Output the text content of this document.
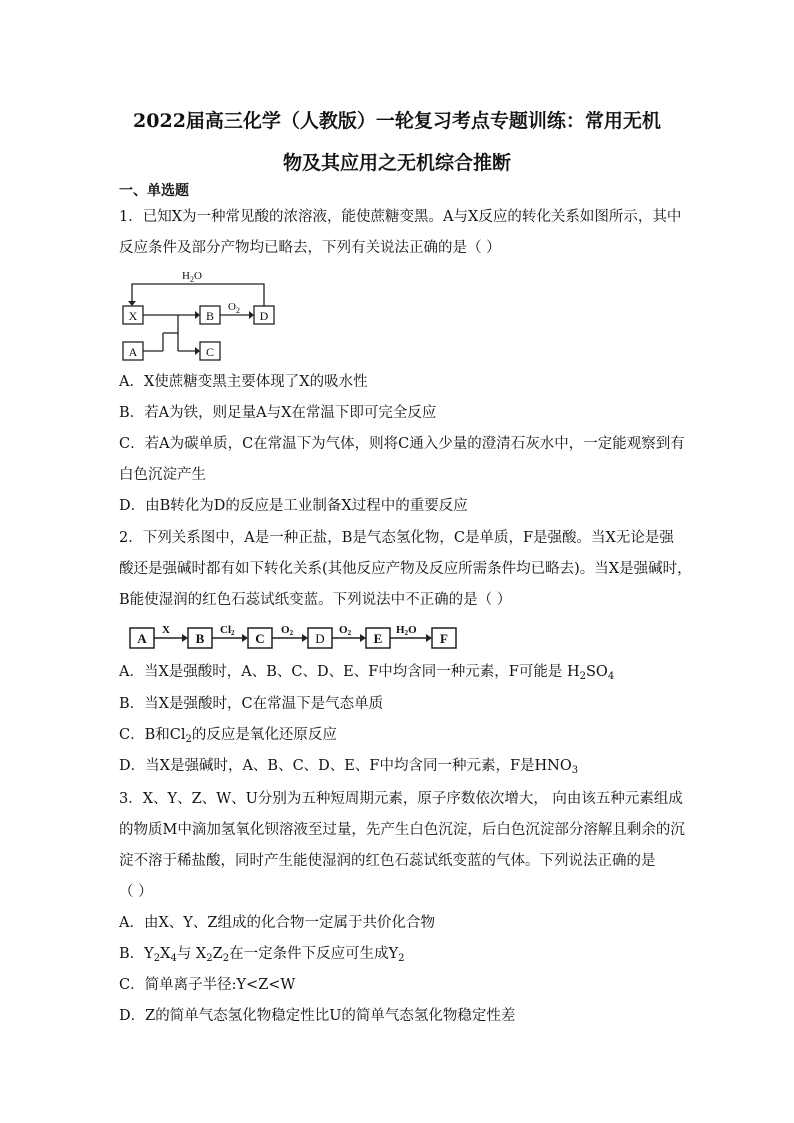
2022届高三化学（人教版）一轮复习考点专题训练：常用无机
物及其应用之无机综合推断
一、单选题
1．已知X为一种常见酸的浓溶液，能使蔗糖变黑。A与X反应的转化关系如图所示，其中
反应条件及部分产物均已略去，下列有关说法正确的是（ ）
X
A
B
C
D
$H_2O$
$O_2$
A．X使蔗糖变黑主要体现了X的吸水性
B．若A为铁，则足量A与X在常温下即可完全反应
C．若A为碳单质，C在常温下为气体，则将C通入少量的澄清石灰水中，一定能观察到有
白色沉淀产生
D．由B转化为D的反应是工业制备X过程中的重要反应
2．下列关系图中，A是一种正盐，B是气态氢化物，C是单质，F是强酸。当X无论是强
酸还是强碱时都有如下转化关系(其他反应产物及反应所需条件均已略去)。当X是强碱时，
B能使湿润的红色石蕊试纸变蓝。下列说法中不正确的是（ ）
A	B	C	D	E	F
X	Cl2	O2	O2	H2O
A．当X是强酸时，A、B、C、D、E、F中均含同一种元素，F可能是 $H_2SO_4$
B．当X是强酸时，C在常温下是气态单质
C．B和$Cl_2$的反应是氧化还原反应
D．当X是强碱时，A、B、C、D、E、F中均含同一种元素，F是$HNO_3$
3．X、Y、Z、W、U分别为五种短周期元素，原子序数依次增大， 向由该五种元素组成
的物质M中滴加氢氧化钡溶液至过量，先产生白色沉淀，后白色沉淀部分溶解且剩余的沉
淀不溶于稀盐酸，同时产生能使湿润的红色石蕊试纸变蓝的气体。下列说法正确的是
（ ）
A．由X、Y、Z组成的化合物一定属于共价化合物
B．$Y_2X_4$与 $X_2Z_2$在一定条件下反应可生成$Y_2$
C．简单离子半径:Y<Z<W
D．Z的简单气态氢化物稳定性比U的简单气态氢化物稳定性差
